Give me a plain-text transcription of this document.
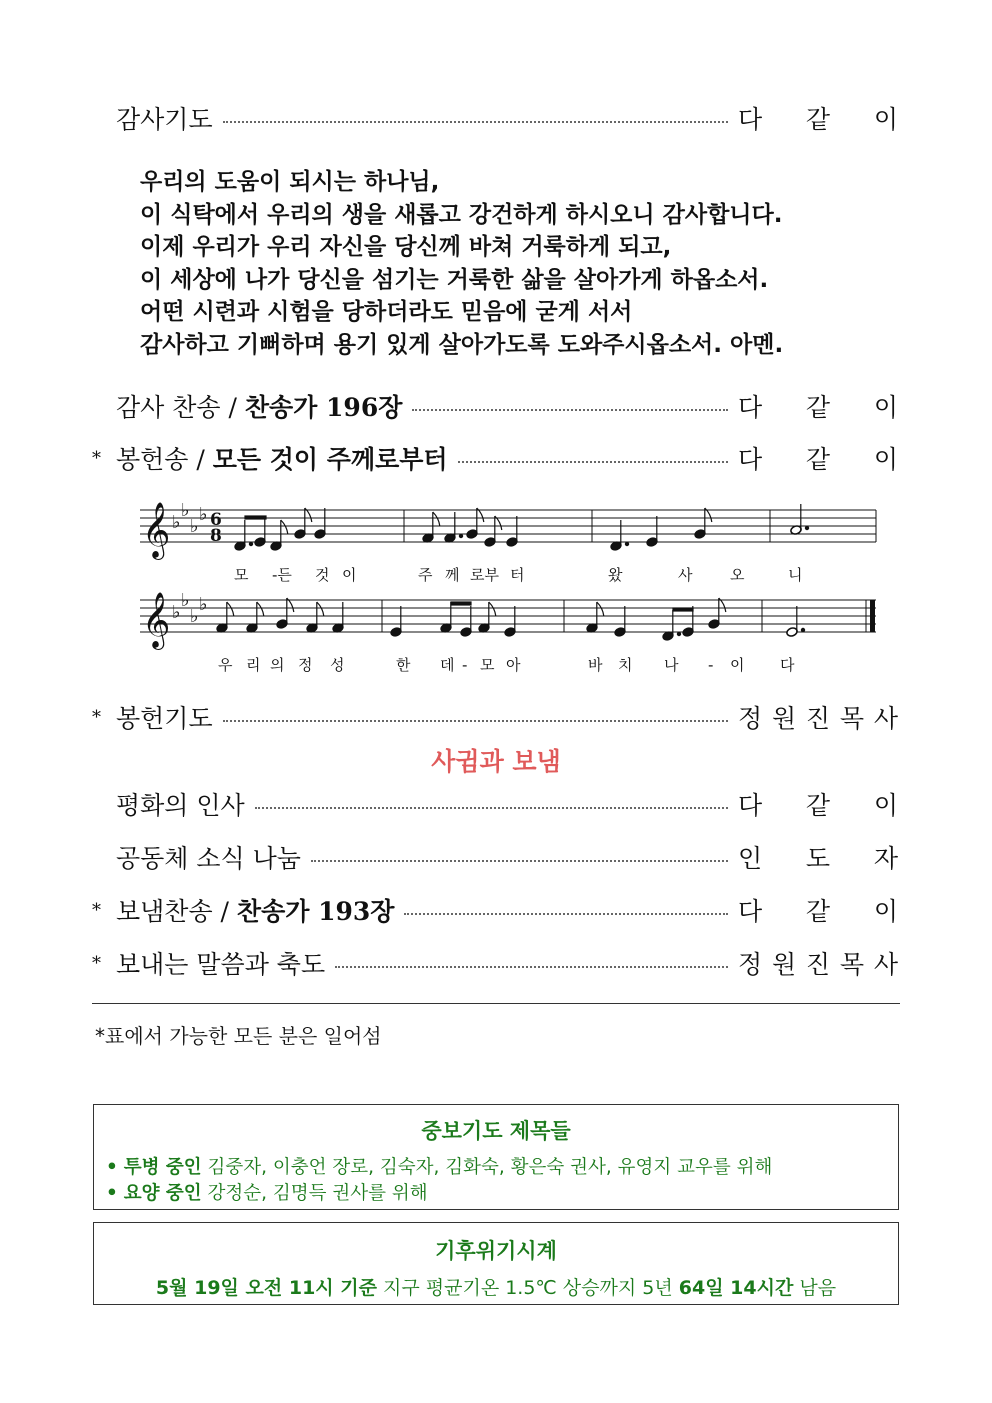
감사기도	다 같 이
우리의 도움이 되시는 하나님,
이 식탁에서 우리의 생을 새롭고 강건하게 하시오니 감사합니다.
이제 우리가 우리 자신을 당신께 바쳐 거룩하게 되고,
이 세상에 나가 당신을 섬기는 거룩한 삶을 살아가게 하옵소서.
어떤 시련과 시험을 당하더라도 믿음에 굳게 서서
감사하고 기뻐하며 용기 있게 살아가도록 도와주시옵소서. 아멘.
감사 찬송 / 찬송가 196장	다 같 이
* 봉헌송 / 모든 것이 주께로부터	다 같 이
𝄞
𝄞
♭
♭
♭
♭
♭
♭
♭
♭
6
8
모 -든 것 이	주 께 로부 터	왔	사	오	니
우 리 의 정 성	한 데 - 모 아	바 치 나 - 이 다
* 봉헌기도	정 원 진 목 사
사귐과 보냄
평화의 인사	다 같 이
공동체 소식 나눔	인 도 자
* 보냄찬송 / 찬송가 193장	다 같 이
* 보내는 말씀과 축도	정 원 진 목 사
*표에서 가능한 모든 분은 일어섬
중보기도 제목들
• 투병 중인 김중자, 이충언 장로, 김숙자, 김화숙, 황은숙 권사, 유영지 교우를 위해
• 요양 중인 강정순, 김명득 권사를 위해
기후위기시계
5월 19일 오전 11시 기준 지구 평균기온 1.5℃ 상승까지 5년 64일 14시간 남음
